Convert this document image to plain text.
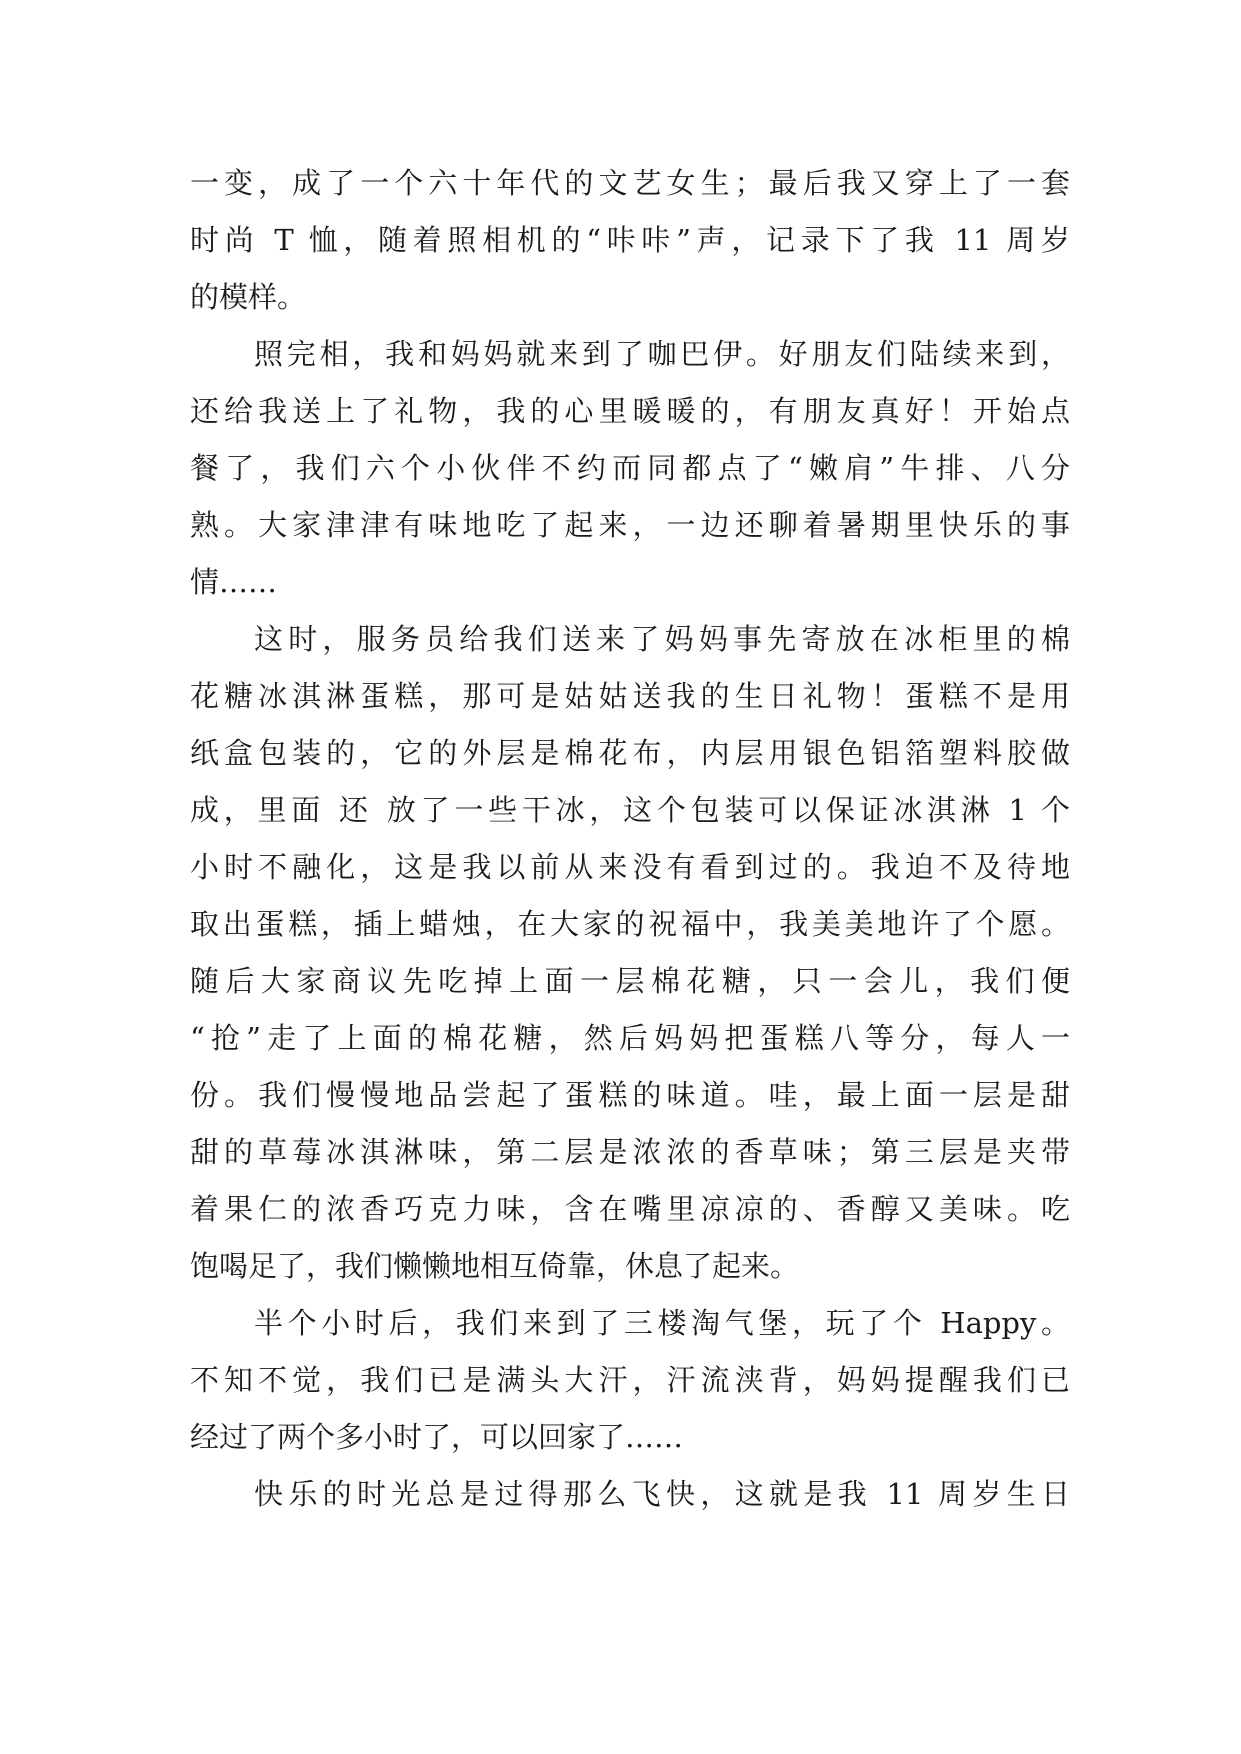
一变，成了一个六十年代的文艺女生；最后我又穿上了一套
时尚 T 恤，随着照相机的“咔咔”声，记录下了我 11 周岁
的模样。
照完相，我和妈妈就来到了咖巴伊。好朋友们陆续来到，
还给我送上了礼物，我的心里暖暖的，有朋友真好！开始点
餐了，我们六个小伙伴不约而同都点了“嫩肩”牛排、八分
熟。大家津津有味地吃了起来，一边还聊着暑期里快乐的事
情……
这时，服务员给我们送来了妈妈事先寄放在冰柜里的棉
花糖冰淇淋蛋糕，那可是姑姑送我的生日礼物！蛋糕不是用
纸盒包装的，它的外层是棉花布，内层用银色铝箔塑料胶做
成，里面 还 放了一些干冰，这个包装可以保证冰淇淋 1 个
小时不融化，这是我以前从来没有看到过的。我迫不及待地
取出蛋糕，插上蜡烛，在大家的祝福中，我美美地许了个愿。
随后大家商议先吃掉上面一层棉花糖，只一会儿，我们便
“抢”走了上面的棉花糖，然后妈妈把蛋糕八等分，每人一
份。我们慢慢地品尝起了蛋糕的味道。哇，最上面一层是甜
甜的草莓冰淇淋味，第二层是浓浓的香草味；第三层是夹带
着果仁的浓香巧克力味，含在嘴里凉凉的、香醇又美味。吃
饱喝足了，我们懒懒地相互倚靠，休息了起来。
半个小时后，我们来到了三楼淘气堡，玩了个 Happy。
不知不觉，我们已是满头大汗，汗流浃背，妈妈提醒我们已
经过了两个多小时了，可以回家了……
快乐的时光总是过得那么飞快，这就是我 11 周岁生日
